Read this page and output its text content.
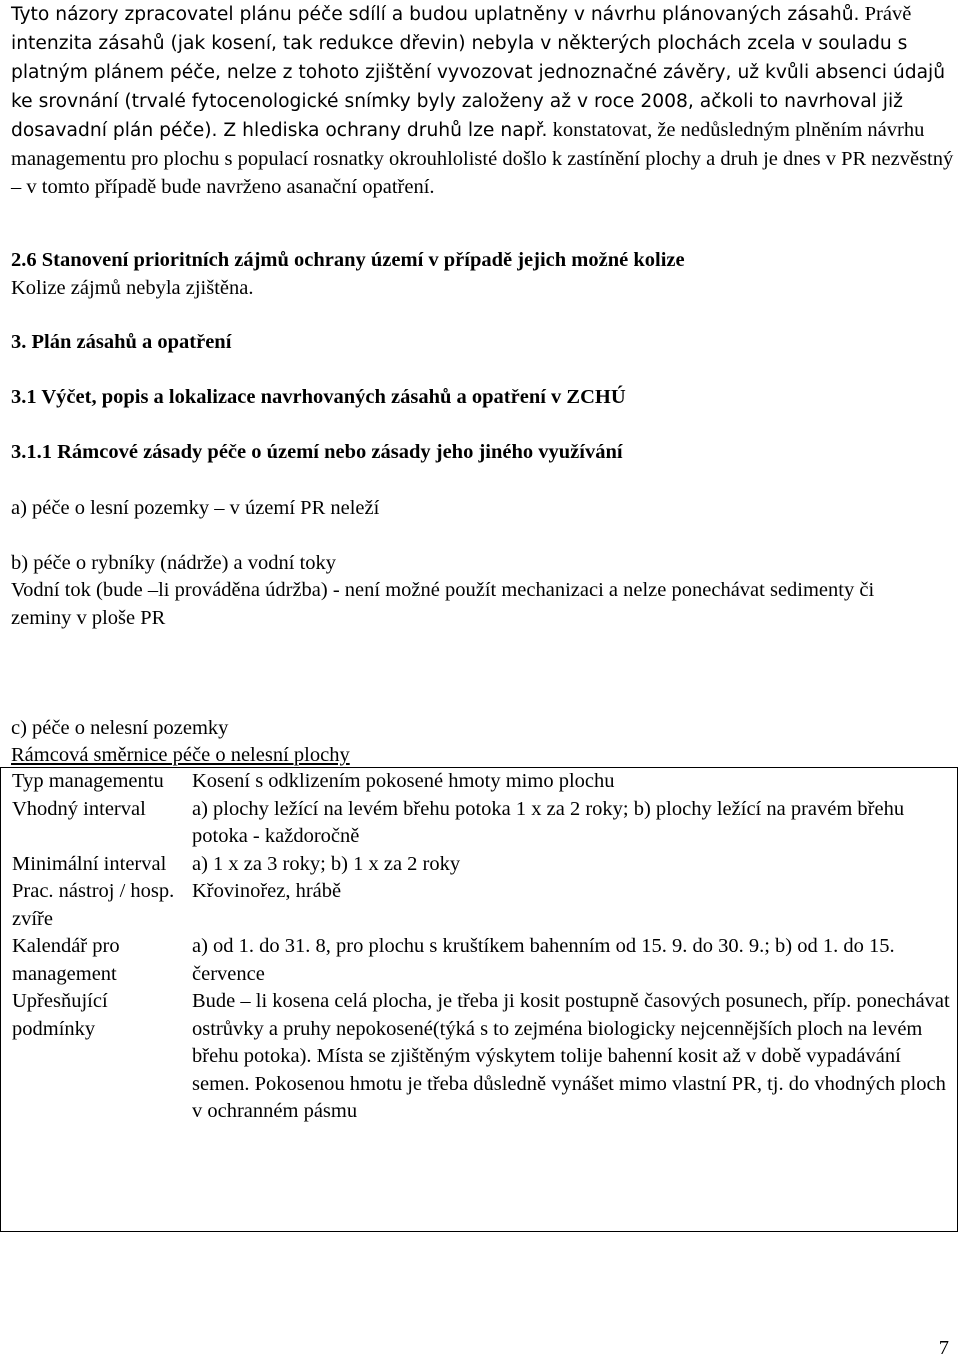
Tyto názory zpracovatel plánu péče sdílí a budou uplatněny v návrhu plánovaných zásahů. Právě intenzita zásahů (jak kosení, tak redukce dřevin) nebyla v některých plochách zcela v souladu s platným plánem péče, nelze z tohoto zjištění vyvozovat jednoznačné závěry, už kvůli absenci údajů ke srovnání (trvalé fytocenologické snímky byly založeny až v roce 2008, ačkoli to navrhoval již dosavadní plán péče). Z hlediska ochrany druhů lze např. konstatovat, že nedůsledným plněním návrhu managementu pro plochu s populací rosnatky okrouhlolisté došlo k zastínění plochy a druh je dnes v PR nezvěstný – v tomto případě bude navrženo asanační opatření.

2.6 Stanovení prioritních zájmů ochrany území v případě jejich možné kolize

Kolize zájmů nebyla zjištěna.

3. Plán zásahů a opatření

3.1 Výčet, popis a lokalizace navrhovaných zásahů a opatření v ZCHÚ

3.1.1 Rámcové zásady péče o území nebo zásady jeho jiného využívání

a) péče o lesní pozemky – v území PR neleží

b) péče o rybníky (nádrže) a vodní toky

Vodní tok (bude –li prováděna údržba) - není možné použít mechanizaci a nelze ponechávat sedimenty či zeminy v ploše PR

c) péče o nelesní pozemky

Rámcová směrnice péče o nelesní plochy

Typ managementu	Kosení s odklizením pokosené hmoty mimo plochu
Vhodný interval	a) plochy ležící na levém břehu potoka 1 x za 2 roky; b) plochy ležící na pravém břehu potoka - každoročně
Minimální interval	a) 1 x za 3 roky; b) 1 x za 2 roky
Prac. nástroj / hosp. zvíře	Křovinořez, hrábě
Kalendář pro management	a) od 1. do 31. 8, pro plochu s kruštíkem bahenním od 15. 9. do 30. 9.; b) od 1. do 15. července
Upřesňující podmínky	Bude – li kosena celá plocha, je třeba ji kosit postupně časových posunech, příp. ponechávat ostrůvky a pruhy nepokosené(týká s to zejména biologicky nejcennějších ploch na levém břehu potoka). Místa se zjištěným výskytem tolije bahenní kosit až v době vypadávání semen. Pokosenou hmotu je třeba důsledně vynášet mimo vlastní PR, tj. do vhodných ploch v ochranném pásmu
7
